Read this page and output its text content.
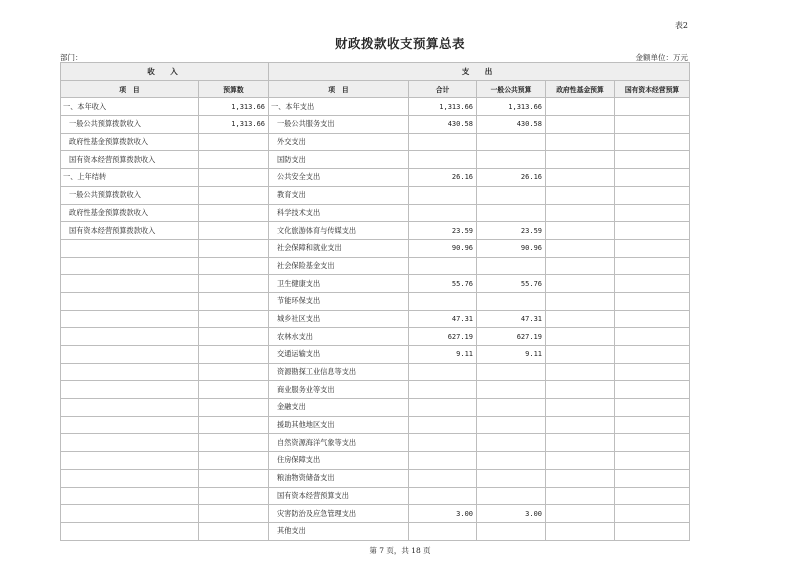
表2
财政拨款收支预算总表
部门：	金额单位：万元
收　入		支　出				
项　目	预算数	项　目	合计	一般公共预算	政府性基金预算	国有资本经营预算
一、本年收入	1,313.66	一、本年支出	1,313.66	1,313.66		
一般公共预算拨款收入	1,313.66	一般公共服务支出	430.58	430.58		
政府性基金预算拨款收入		外交支出				
国有资本经营预算拨款收入		国防支出				
一、上年结转		公共安全支出	26.16	26.16		
一般公共预算拨款收入		教育支出				
政府性基金预算拨款收入		科学技术支出				
国有资本经营预算拨款收入		文化旅游体育与传媒支出	23.59	23.59		
		社会保障和就业支出	90.96	90.96		
		社会保险基金支出				
		卫生健康支出	55.76	55.76		
		节能环保支出				
		城乡社区支出	47.31	47.31		
		农林水支出	627.19	627.19		
		交通运输支出	9.11	9.11		
		资源勘探工业信息等支出				
		商业服务业等支出				
		金融支出				
		援助其他地区支出				
		自然资源海洋气象等支出				
		住房保障支出				
		粮油物资储备支出				
		国有资本经营预算支出				
		灾害防治及应急管理支出	3.00	3.00		
		其他支出				
第 7 页，共 18 页
